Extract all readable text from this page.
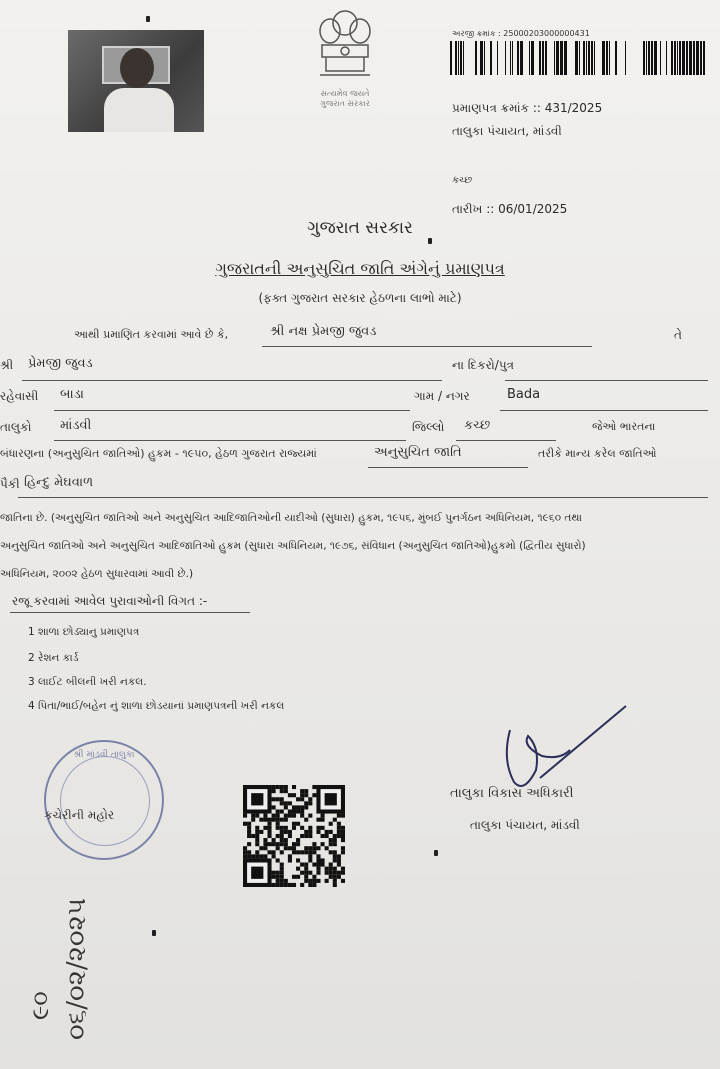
સત્યમેવ જયતે
ગુજરાત સરકાર
અરજી ક્રમાંક : 25000203000000431
પ્રમાણપત્ર ક્રમાંક :: 431/2025
તાલુકા પંચાયત, માંડવી
કચ્છ
તારીખ :: 06/01/2025
ગુજરાત સરકાર
ગુજરાતની અનુસુચિત જાતિ અંગેનું પ્રમાણપત્ર
(ફક્ત ગુજરાત સરકાર હેઠળના લાભો માટે)
આથી પ્રમાણિત કરવામાં આવે છે કે,	શ્રી નક્ષ પ્રેમજી જુવડ	તે
શ્રી પ્રેમજી જુવડ	ના દિકરો/પુત્ર
રહેવાસી બાડા	ગામ / નગર	Bada
તાલુકો માંડવી	જિલ્લો કચ્છ	જેઓ ભારતના
બંધારણના (અનુસુચિત જાતિઓ) હુકમ - ૧૯૫૦, હેઠળ ગુજરાત રાજ્યમાં	અનુસુચિત જાતિ	તરીકે માન્ય કરેલ જાતિઓ
પૈકી હિન્દુ મેઘવાળ
જાતિના છે. (અનુસુચિત જાતિઓ અને અનુસુચિત આદિજાતિઓની યાદીઓ (સુધારા) હુકમ, ૧૯૫૬, મુંબઈ પુનર્ગઠન અધિનિયમ, ૧૯૬૦ તથા
અનુસુચિત જાતિઓ અને અનુસુચિત આદિજાતિઓ હુકમ (સુધારા અધિનિયમ, ૧૯૭૬, સંવિધાન (અનુસુચિત જાતિઓ)હુકમો (દ્વિતીય સુધારો)
અધિનિયમ, ૨૦૦૨ હેઠળ સુધારવામાં આવી છે.)
રજૂ કરવામાં આવેલ પુરાવાઓની વિગત :-
1 શાળા છોડ્યાનુ પ્રમાણપત્ર
2 રેશન કાર્ડ
3 લાઈટ બીલની ખરી નકલ.
4 પિતા/ભાઈ/બહેન નું શાળા છોડયાનાં પ્રમાણપત્રની ખરી નકલ
શ્રી માંડવી તાલુકા
કચેરીની મહોર
તાલુકા વિકાસ અધિકારી
તાલુકા પંચાયત, માંડવી
૦૬/૦૨/૨૦૨૫
૯૦
